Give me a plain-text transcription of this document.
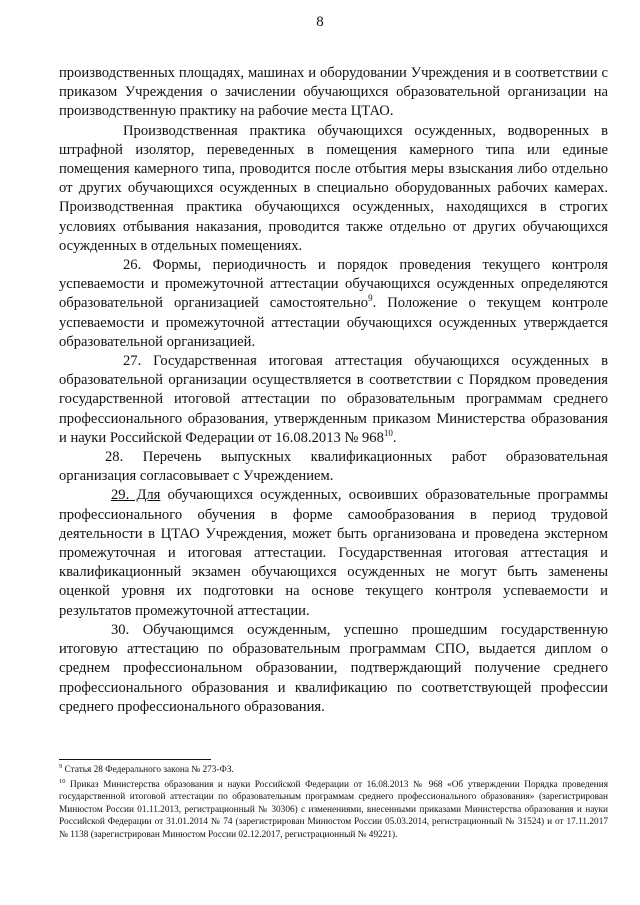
8

производственных площадях, машинах и оборудовании Учреждения и в соответствии с приказом Учреждения о зачислении обучающихся образовательной организации на производственную практику на рабочие места ЦТАО.

Производственная практика обучающихся осужденных, водворенных в штрафной изолятор, переведенных в помещения камерного типа или единые помещения камерного типа, проводится после отбытия меры взыскания либо отдельно от других обучающихся осужденных в специально оборудованных рабочих камерах. Производственная практика обучающихся осужденных, находящихся в строгих условиях отбывания наказания, проводится также отдельно от других обучающихся осужденных в отдельных помещениях.

26. Формы, периодичность и порядок проведения текущего контроля успеваемости и промежуточной аттестации обучающихся осужденных определяются образовательной организацией самостоятельно$^9$. Положение о текущем контроле успеваемости и промежуточной аттестации обучающихся осужденных утверждается образовательной организацией.

27. Государственная итоговая аттестация обучающихся осужденных в образовательной организации осуществляется в соответствии с Порядком проведения государственной итоговой аттестации по образовательным программам среднего профессионального образования, утвержденным приказом Министерства образования и науки Российской Федерации от 16.08.2013 № $968^{10}$.

28. Перечень выпускных квалификационных работ образовательная организация согласовывает с Учреждением.

29. Для обучающихся осужденных, освоивших образовательные программы профессионального обучения в форме самообразования в период трудовой деятельности в ЦТАО Учреждения, может быть организована и проведена экстерном промежуточная и итоговая аттестации. Государственная итоговая аттестация и квалификационный экзамен обучающихся осужденных не могут быть заменены оценкой уровня их подготовки на основе текущего контроля успеваемости и результатов промежуточной аттестации.

30. Обучающимся осужденным, успешно прошедшим государственную итоговую аттестацию по образовательным программам СПО, выдается диплом о среднем профессиональном образовании, подтверждающий получение среднего профессионального образования и квалификацию по соответствующей профессии среднего профессионального образования.

$^9$ Статья 28 Федерального закона № 273-ФЗ.

$^{10}$ Приказ Министерства образования и науки Российской Федерации от 16.08.2013 № 968 «Об утверждении Порядка проведения государственной итоговой аттестации по образовательным программам среднего профессионального образования» (зарегистрирован Минюстом России 01.11.2013, регистрационный № 30306) с изменениями, внесенными приказами Министерства образования и науки Российской Федерации от 31.01.2014 № 74 (зарегистрирован Минюстом России 05.03.2014, регистрационный № 31524) и от 17.11.2017 № 1138 (зарегистрирован Минюстом России 02.12.2017, регистрационный № 49221).
